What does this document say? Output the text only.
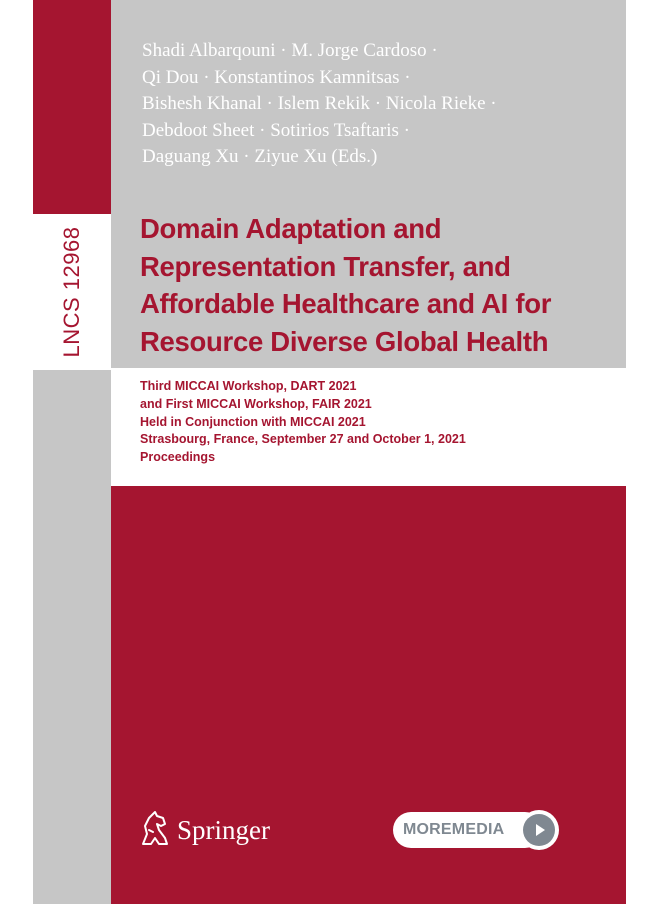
Shadi Albarqouni · M. Jorge Cardoso ·
Qi Dou · Konstantinos Kamnitsas ·
Bishesh Khanal · Islem Rekik · Nicola Rieke ·
Debdoot Sheet · Sotirios Tsaftaris ·
Daguang Xu · Ziyue Xu (Eds.)
LNCS 12968 Domain Adaptation and
Representation Transfer, and
Affordable Healthcare and AI for
Resource Diverse Global Health
Third MICCAI Workshop, DART 2021
and First MICCAI Workshop, FAIR 2021
Held in Conjunction with MICCAI 2021
Strasbourg, France, September 27 and October 1, 2021
Proceedings
Springer	MOREMEDIA
